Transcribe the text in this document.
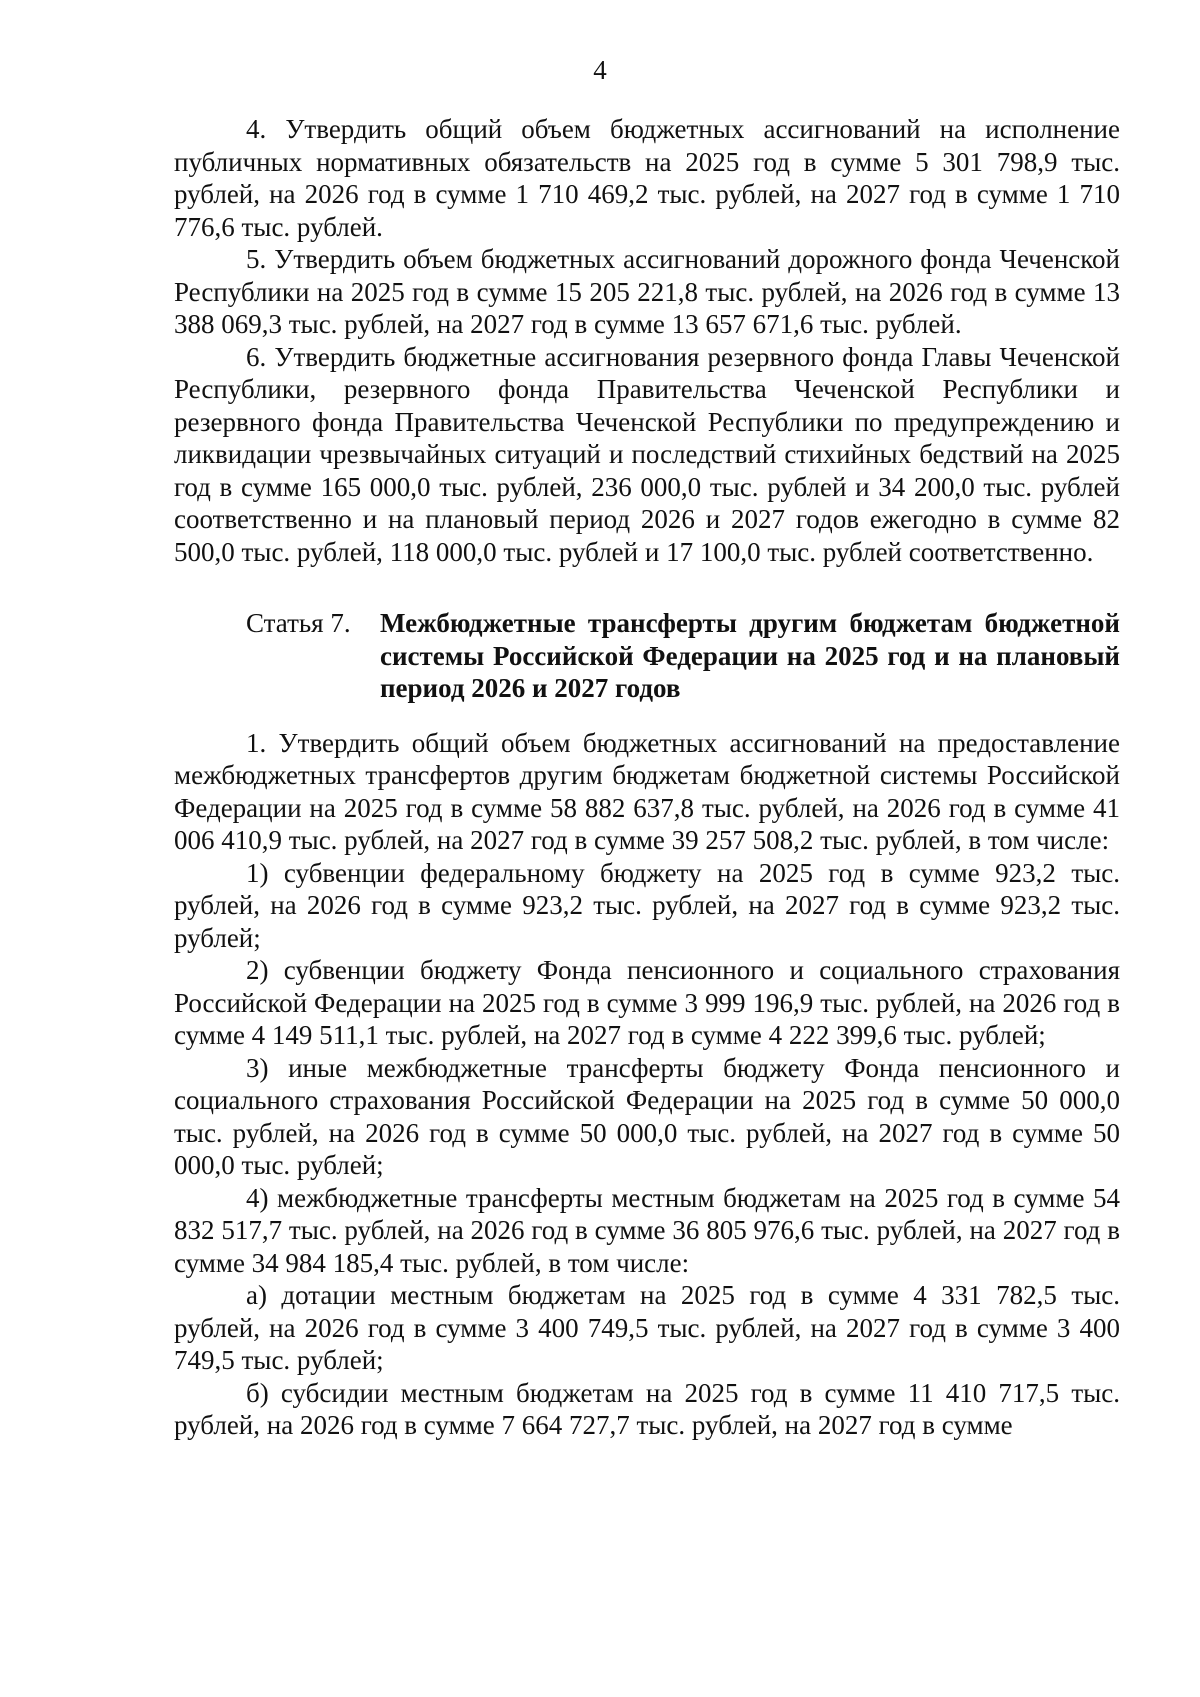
4

4. Утвердить общий объем бюджетных ассигнований на исполнение публичных нормативных обязательств на 2025 год в сумме 5 301 798,9 тыс. рублей, на 2026 год в сумме 1 710 469,2 тыс. рублей, на 2027 год в сумме 1 710 776,6 тыс. рублей.

5. Утвердить объем бюджетных ассигнований дорожного фонда Чеченской Республики на 2025 год в сумме 15 205 221,8 тыс. рублей, на 2026 год в сумме 13 388 069,3 тыс. рублей, на 2027 год в сумме 13 657 671,6 тыс. рублей.

6. Утвердить бюджетные ассигнования резервного фонда Главы Чеченской Республики, резервного фонда Правительства Чеченской Республики и резервного фонда Правительства Чеченской Республики по предупреждению и ликвидации чрезвычайных ситуаций и последствий стихийных бедствий на 2025 год в сумме 165 000,0 тыс. рублей, 236 000,0 тыс. рублей и 34 200,0 тыс. рублей соответственно и на плановый период 2026 и 2027 годов ежегодно в сумме 82 500,0 тыс. рублей, 118 000,0 тыс. рублей и 17 100,0 тыс. рублей соответственно.

Статья 7.	Межбюджетные трансферты другим бюджетам бюджетной системы Российской Федерации на 2025 год и на плановый период 2026 и 2027 годов

1. Утвердить общий объем бюджетных ассигнований на предоставление межбюджетных трансфертов другим бюджетам бюджетной системы Российской Федерации на 2025 год в сумме 58 882 637,8 тыс. рублей, на 2026 год в сумме 41 006 410,9 тыс. рублей, на 2027 год в сумме 39 257 508,2 тыс. рублей, в том числе:

1) субвенции федеральному бюджету на 2025 год в сумме 923,2 тыс. рублей, на 2026 год в сумме 923,2 тыс. рублей, на 2027 год в сумме 923,2 тыс. рублей;

2) субвенции бюджету Фонда пенсионного и социального страхования Российской Федерации на 2025 год в сумме 3 999 196,9 тыс. рублей, на 2026 год в сумме 4 149 511,1 тыс. рублей, на 2027 год в сумме 4 222 399,6 тыс. рублей;

3) иные межбюджетные трансферты бюджету Фонда пенсионного и социального страхования Российской Федерации на 2025 год в сумме 50 000,0 тыс. рублей, на 2026 год в сумме 50 000,0 тыс. рублей, на 2027 год в сумме 50 000,0 тыс. рублей;

4) межбюджетные трансферты местным бюджетам на 2025 год в сумме 54 832 517,7 тыс. рублей, на 2026 год в сумме 36 805 976,6 тыс. рублей, на 2027 год в сумме 34 984 185,4 тыс. рублей, в том числе:

а) дотации местным бюджетам на 2025 год в сумме 4 331 782,5 тыс. рублей, на 2026 год в сумме 3 400 749,5 тыс. рублей, на 2027 год в сумме 3 400 749,5 тыс. рублей;

б) субсидии местным бюджетам на 2025 год в сумме 11 410 717,5 тыс. рублей, на 2026 год в сумме 7 664 727,7 тыс. рублей, на 2027 год в сумме
